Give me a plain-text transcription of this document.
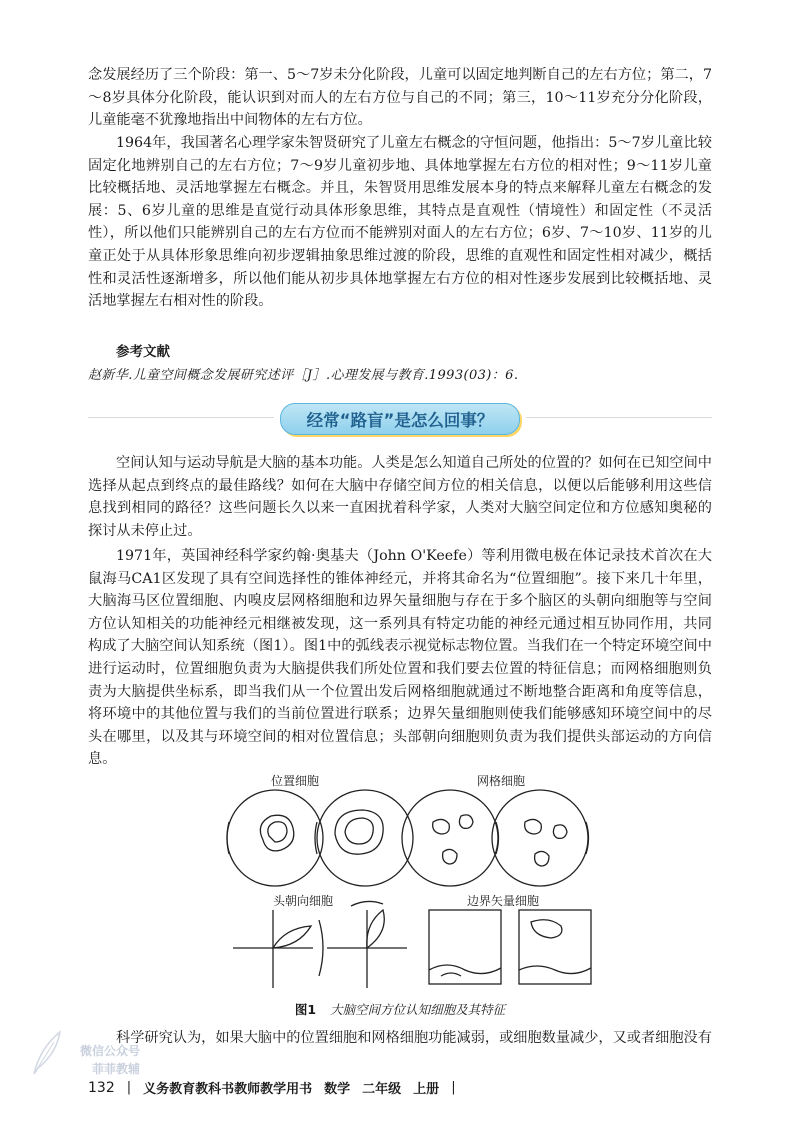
念发展经历了三个阶段：第一、5～7岁未分化阶段，儿童可以固定地判断自己的左右方位；第二，7～8岁具体分化阶段，能认识到对而人的左右方位与自己的不同；第三，10～11岁充分分化阶段，儿童能毫不犹豫地指出中间物体的左右方位。

1964年，我国著名心理学家朱智贤研究了儿童左右概念的守恒问题，他指出：5～7岁儿童比较固定化地辨别自己的左右方位；7～9岁儿童初步地、具体地掌握左右方位的相对性；9～11岁儿童比较概括地、灵活地掌握左右概念。并且，朱智贤用思维发展本身的特点来解释儿童左右概念的发展：5、6岁儿童的思维是直觉行动具体形象思维，其特点是直观性（情境性）和固定性（不灵活性），所以他们只能辨别自己的左右方位而不能辨别对面人的左右方位；6岁、7～10岁、11岁的儿童正处于从具体形象思维向初步逻辑抽象思维过渡的阶段，思维的直观性和固定性相对减少，概括性和灵活性逐渐增多，所以他们能从初步具体地掌握左右方位的相对性逐步发展到比较概括地、灵活地掌握左右相对性的阶段。

参考文献
赵新华.儿童空间概念发展研究述评［J］.心理发展与教育.1993(03)：6.
经常“路盲”是怎么回事？

空间认知与运动导航是大脑的基本功能。人类是怎么知道自己所处的位置的？如何在已知空间中选择从起点到终点的最佳路线？如何在大脑中存储空间方位的相关信息，以便以后能够利用这些信息找到相同的路径？这些问题长久以来一直困扰着科学家，人类对大脑空间定位和方位感知奥秘的探讨从未停止过。

1971年，英国神经科学家约翰·奥基夫（John O'Keefe）等利用微电极在体记录技术首次在大鼠海马CA1区发现了具有空间选择性的锥体神经元，并将其命名为“位置细胞”。接下来几十年里，大脑海马区位置细胞、内嗅皮层网格细胞和边界矢量细胞与存在于多个脑区的头朝向细胞等与空间方位认知相关的功能神经元相继被发现，这一系列具有特定功能的神经元通过相互协同作用，共同构成了大脑空间认知系统（图1）。图1中的弧线表示视觉标志物位置。当我们在一个特定环境空间中进行运动时，位置细胞负责为大脑提供我们所处位置和我们要去位置的特征信息；而网格细胞则负责为大脑提供坐标系，即当我们从一个位置出发后网格细胞就通过不断地整合距离和角度等信息，将环境中的其他位置与我们的当前位置进行联系；边界矢量细胞则使我们能够感知环境空间中的尽头在哪里，以及其与环境空间的相对位置信息；头部朝向细胞则负责为我们提供头部运动的方向信息。

位置细胞	网格细胞
头朝向细胞	边界矢量细胞
图1 大脑空间方位认知细胞及其特征

科学研究认为，如果大脑中的位置细胞和网格细胞功能减弱，或细胞数量减少，又或者细胞没有

微信公众号
菲菲教辅
132 | 义务教育教科书教师教学用书 数学 二年级 上册 |
